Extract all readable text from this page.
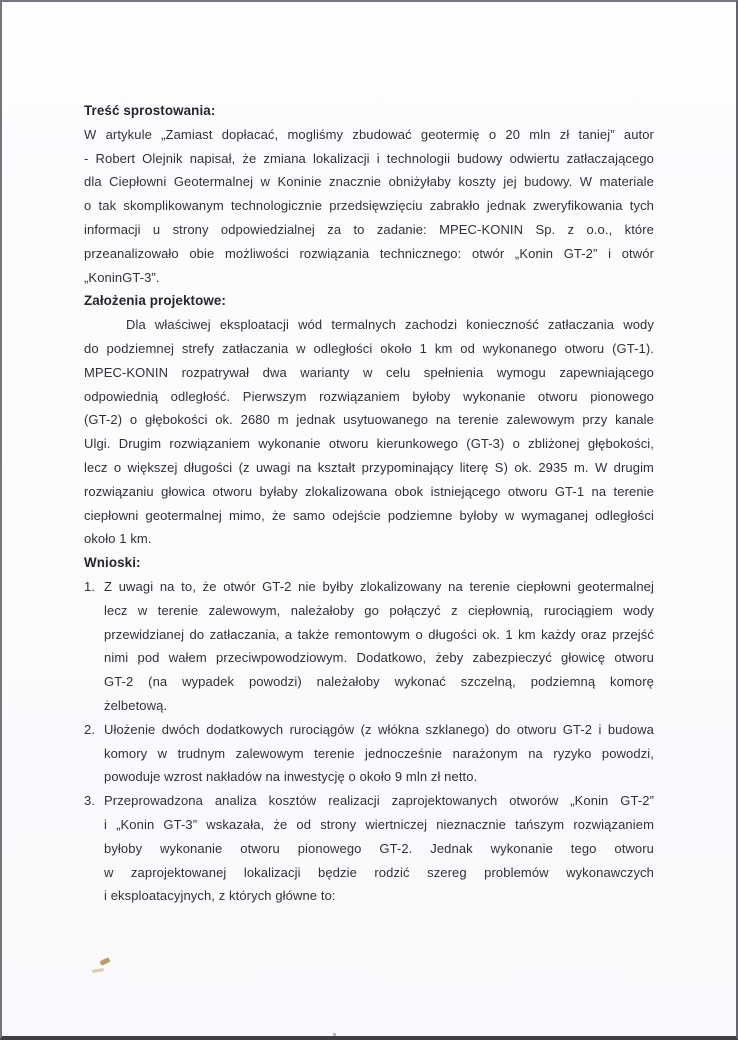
Treść sprostowania:
W artykule „Zamiast dopłacać, mogliśmy zbudować geotermię o 20 mln zł taniej” autor
- Robert Olejnik napisał, że zmiana lokalizacji i technologii budowy odwiertu zatłaczającego
dla Ciepłowni Geotermalnej w Koninie znacznie obniżyłaby koszty jej budowy. W materiale
o tak skomplikowanym technologicznie przedsięwzięciu zabrakło jednak zweryfikowania tych
informacji u strony odpowiedzialnej za to zadanie: MPEC-KONIN Sp. z o.o., które
przeanalizowało obie możliwości rozwiązania technicznego: otwór „Konin GT-2” i otwór
„KoninGT-3”.
Założenia projektowe:
Dla właściwej eksploatacji wód termalnych zachodzi konieczność zatłaczania wody
do podziemnej strefy zatłaczania w odległości około 1 km od wykonanego otworu (GT-1).
MPEC-KONIN rozpatrywał dwa warianty w celu spełnienia wymogu zapewniającego
odpowiednią odległość. Pierwszym rozwiązaniem byłoby wykonanie otworu pionowego
(GT-2) o głębokości ok. 2680 m jednak usytuowanego na terenie zalewowym przy kanale
Ulgi. Drugim rozwiązaniem wykonanie otworu kierunkowego (GT-3) o zbliżonej głębokości,
lecz o większej długości (z uwagi na kształt przypominający literę S) ok. 2935 m. W drugim
rozwiązaniu głowica otworu byłaby zlokalizowana obok istniejącego otworu GT-1 na terenie
ciepłowni geotermalnej mimo, że samo odejście podziemne byłoby w wymaganej odległości
około 1 km.
Wnioski:
1. Z uwagi na to, że otwór GT-2 nie byłby zlokalizowany na terenie ciepłowni geotermalnej
lecz w terenie zalewowym, należałoby go połączyć z ciepłownią, rurociągiem wody
przewidzianej do zatłaczania, a także remontowym o długości ok. 1 km każdy oraz przejść
nimi pod wałem przeciwpowodziowym. Dodatkowo, żeby zabezpieczyć głowicę otworu
GT-2 (na wypadek powodzi) należałoby wykonać szczelną, podziemną komorę
żelbetową.
2. Ułożenie dwóch dodatkowych rurociągów (z włókna szklanego) do otworu GT-2 i budowa
komory w trudnym zalewowym terenie jednocześnie narażonym na ryzyko powodzi,
powoduje wzrost nakładów na inwestycję o około 9 mln zł netto.
3. Przeprowadzona analiza kosztów realizacji zaprojektowanych otworów „Konin GT-2”
i „Konin GT-3” wskazała, że od strony wiertniczej nieznacznie tańszym rozwiązaniem
byłoby wykonanie otworu pionowego GT-2. Jednak wykonanie tego otworu
w zaprojektowanej lokalizacji będzie rodzić szereg problemów wykonawczych
i eksploatacyjnych, z których główne to:
